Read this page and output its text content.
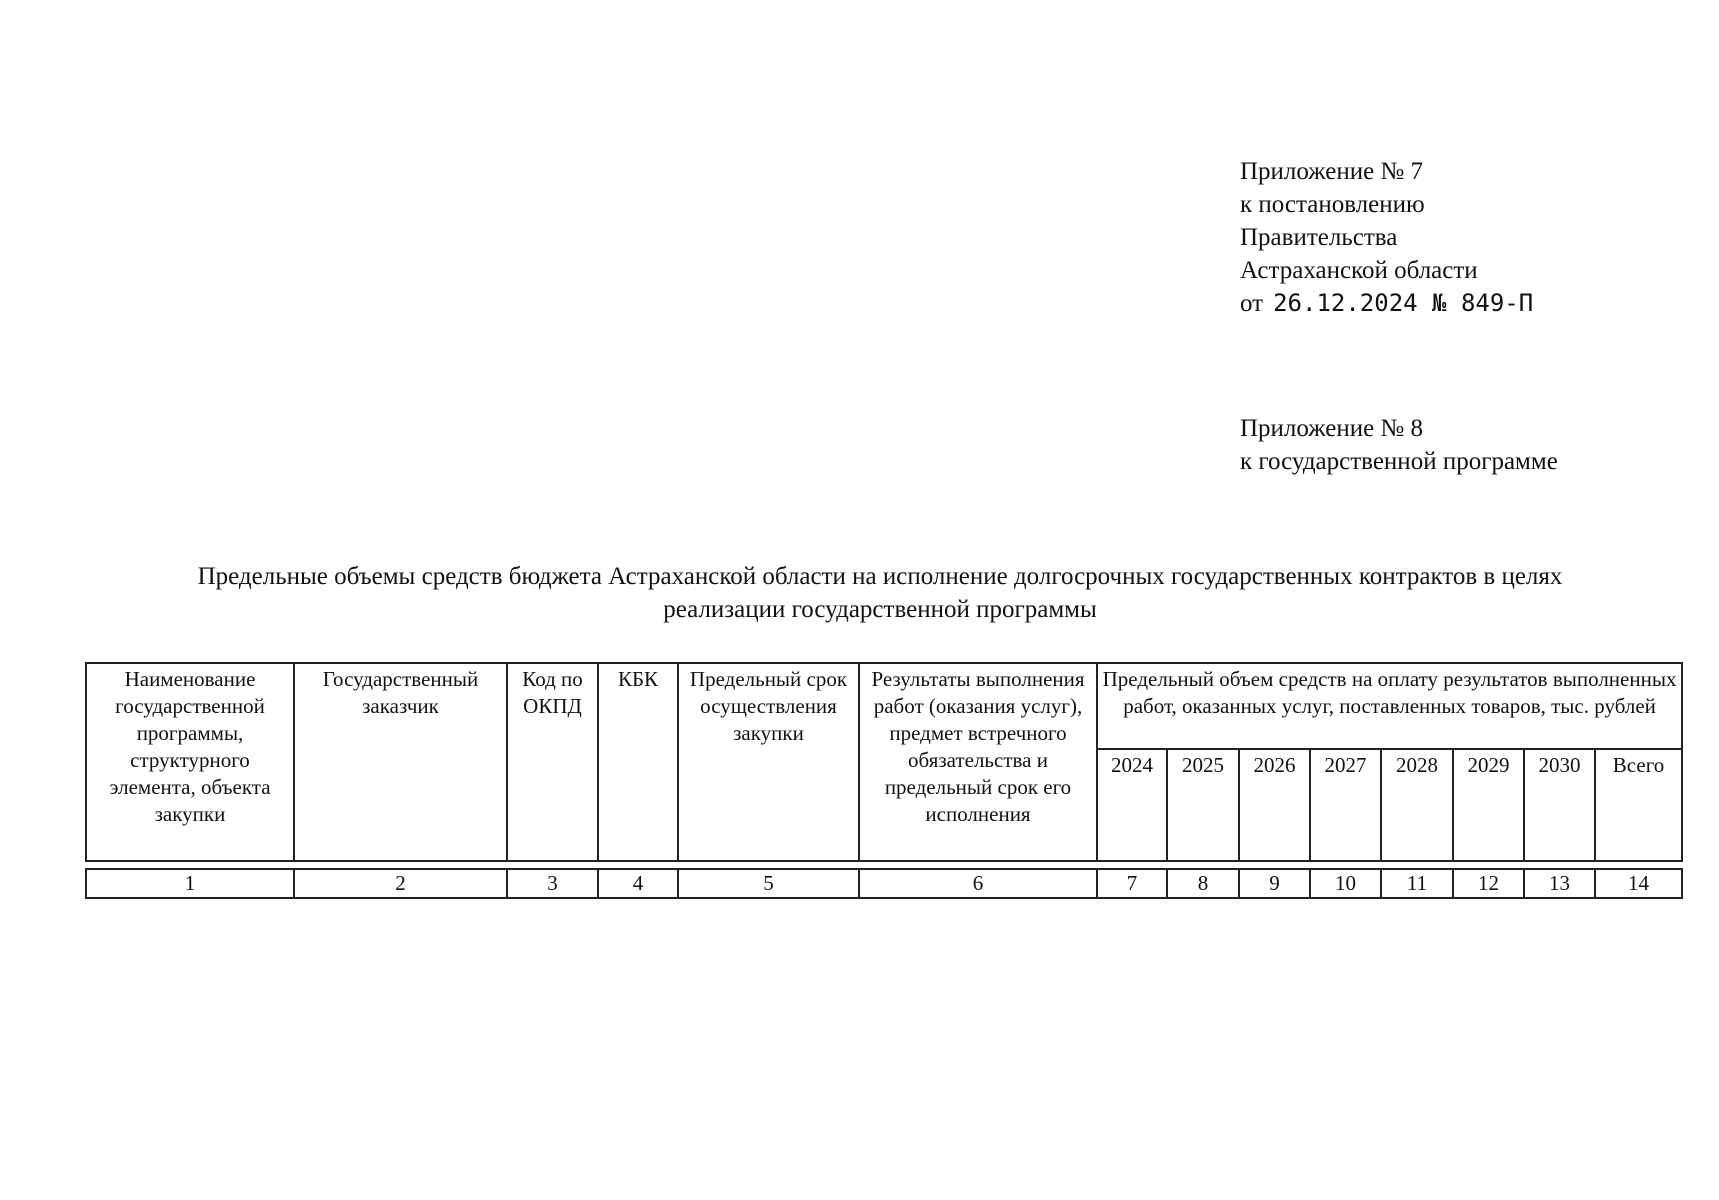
Приложение № 7
к постановлению
Правительства
Астраханской области
от 26.12.2024 № 849-П
Приложение № 8
к государственной программе
Предельные объемы средств бюджета Астраханской области на исполнение долгосрочных государственных контрактов в целях
реализации государственной программы
Наименование государственной программы, структурного элемента, объекта закупки	Государственный заказчик	Код по ОКПД	КБК	Предельный срок осуществления закупки	Результаты выполнения работ (оказания услуг), предмет встречного обязательства и предельный срок его исполнения	Предельный объем средств на оплату результатов выполненных работ, оказанных услуг, поставленных товаров, тыс. рублей							
						2024	2025	2026	2027	2028	2029	2030	Всего

1	2	3	4	5	6	7	8	9	10	11	12	13	14
